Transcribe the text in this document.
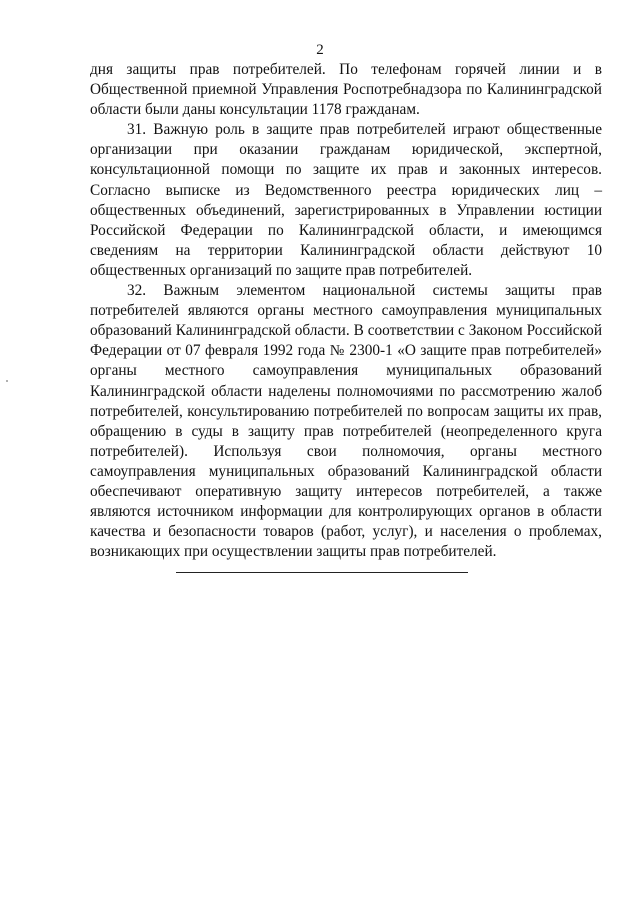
2

дня защиты прав потребителей. По телефонам горячей линии и в Общественной приемной Управления Роспотребнадзора по Калининградской области были даны консультации 1178 гражданам.

31. Важную роль в защите прав потребителей играют общественные организации при оказании гражданам юридической, экспертной, консультационной помощи по защите их прав и законных интересов. Согласно выписке из Ведомственного реестра юридических лиц – общественных объединений, зарегистрированных в Управлении юстиции Российской Федерации по Калининградской области, и имеющимся сведениям на территории Калининградской области действуют 10 общественных организаций по защите прав потребителей.

32. Важным элементом национальной системы защиты прав потребителей являются органы местного самоуправления муниципальных образований Калининградской области. В соответствии с Законом Российской Федерации от 07 февраля 1992 года № 2300-1 «О защите прав потребителей» органы местного самоуправления муниципальных образований Калининградской области наделены полномочиями по рассмотрению жалоб потребителей, консультированию потребителей по вопросам защиты их прав, обращению в суды в защиту прав потребителей (неопределенного круга потребителей). Используя свои полномочия, органы местного самоуправления муниципальных образований Калининградской области обеспечивают оперативную защиту интересов потребителей, а также являются источником информации для контролирующих органов в области качества и безопасности товаров (работ, услуг), и населения о проблемах, возникающих при осуществлении защиты прав потребителей.
